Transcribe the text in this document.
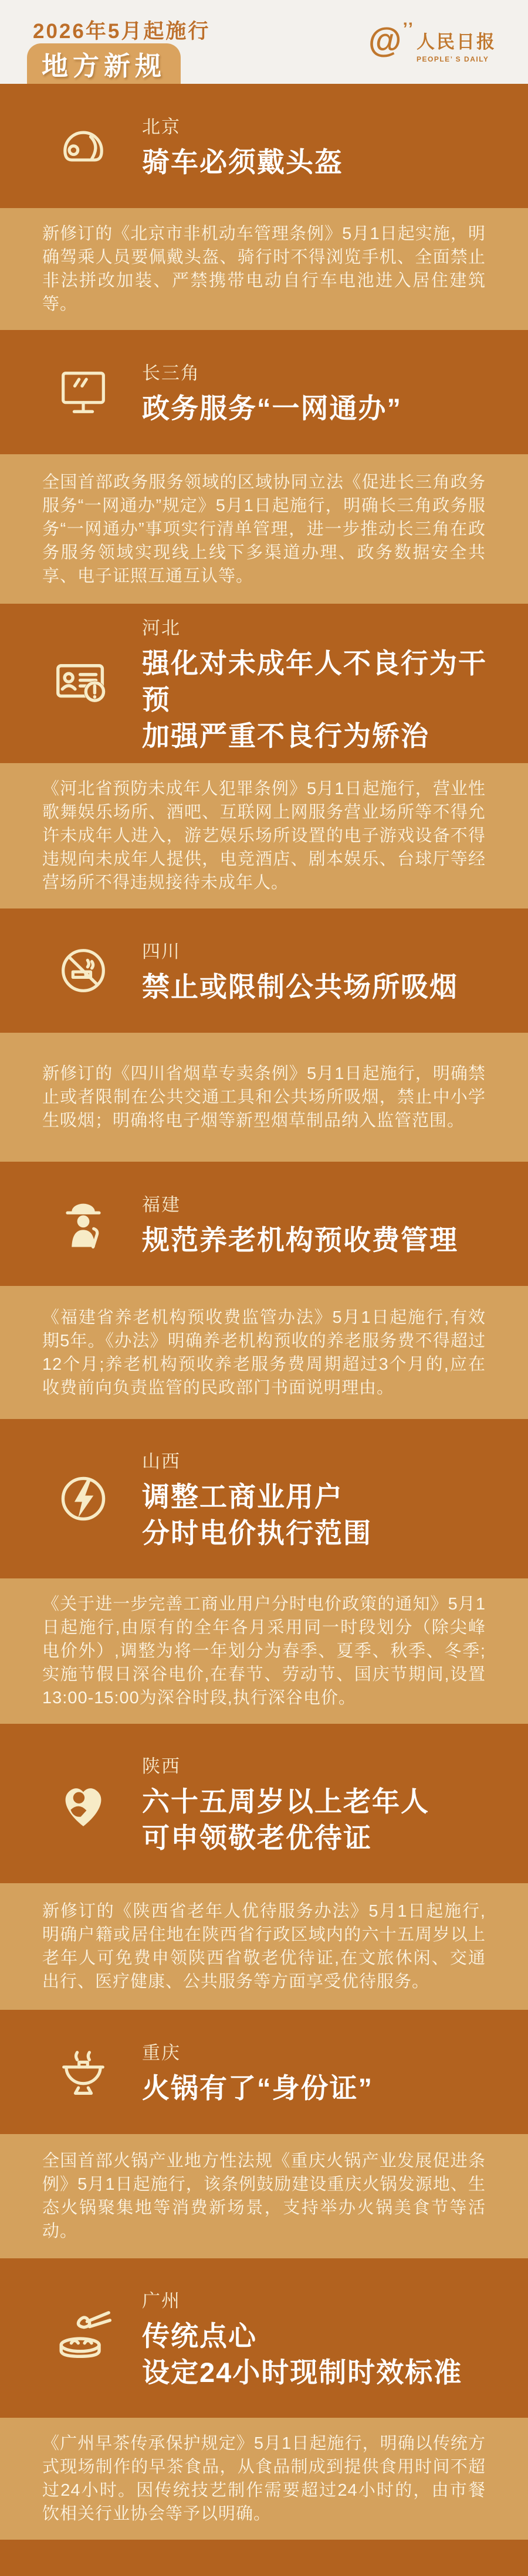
2026年5月起施行
地方新规
@ ’’
人民日报
PEOPLE’ S DAILY
北京
骑车必须戴头盔

新修订的《北京市非机动车管理条例》5月1日起实施，明确驾乘人员要佩戴头盔、骑行时不得浏览手机、全面禁止非法拼改加装、严禁携带电动自行车电池进入居住建筑等。

长三角
政务服务“一网通办”

全国首部政务服务领域的区域协同立法《促进长三角政务服务“一网通办”规定》5月1日起施行，明确长三角政务服务“一网通办”事项实行清单管理，进一步推动长三角在政务服务领域实现线上线下多渠道办理、政务数据安全共享、电子证照互通互认等。

河北
强化对未成年人不良行为干预
加强严重不良行为矫治

《河北省预防未成年人犯罪条例》5月1日起施行，营业性歌舞娱乐场所、酒吧、互联网上网服务营业场所等不得允许未成年人进入，游艺娱乐场所设置的电子游戏设备不得违规向未成年人提供，电竞酒店、剧本娱乐、台球厅等经营场所不得违规接待未成年人。

四川
禁止或限制公共场所吸烟

新修订的《四川省烟草专卖条例》5月1日起施行，明确禁止或者限制在公共交通工具和公共场所吸烟，禁止中小学生吸烟；明确将电子烟等新型烟草制品纳入监管范围。

福建
规范养老机构预收费管理

《福建省养老机构预收费监管办法》5月1日起施行,有效期5年。《办法》明确养老机构预收的养老服务费不得超过12个月;养老机构预收养老服务费周期超过3个月的,应在收费前向负责监管的民政部门书面说明理由。

山西
调整工商业用户
分时电价执行范围

《关于进一步完善工商业用户分时电价政策的通知》5月1日起施行,由原有的全年各月采用同一时段划分（除尖峰电价外）,调整为将一年划分为春季、夏季、秋季、冬季;实施节假日深谷电价,在春节、劳动节、国庆节期间,设置13:00-15:00为深谷时段,执行深谷电价。

陕西
六十五周岁以上老年人
可申领敬老优待证

新修订的《陕西省老年人优待服务办法》5月1日起施行,明确户籍或居住地在陕西省行政区域内的六十五周岁以上老年人可免费申领陕西省敬老优待证,在文旅休闲、交通出行、医疗健康、公共服务等方面享受优待服务。

重庆
火锅有了“身份证”

全国首部火锅产业地方性法规《重庆火锅产业发展促进条例》5月1日起施行，该条例鼓励建设重庆火锅发源地、生态火锅聚集地等消费新场景，支持举办火锅美食节等活动。

广州
传统点心
设定24小时现制时效标准

《广州早茶传承保护规定》5月1日起施行，明确以传统方式现场制作的早茶食品，从食品制成到提供食用时间不超过24小时。因传统技艺制作需要超过24小时的，由市餐饮相关行业协会等予以明确。
